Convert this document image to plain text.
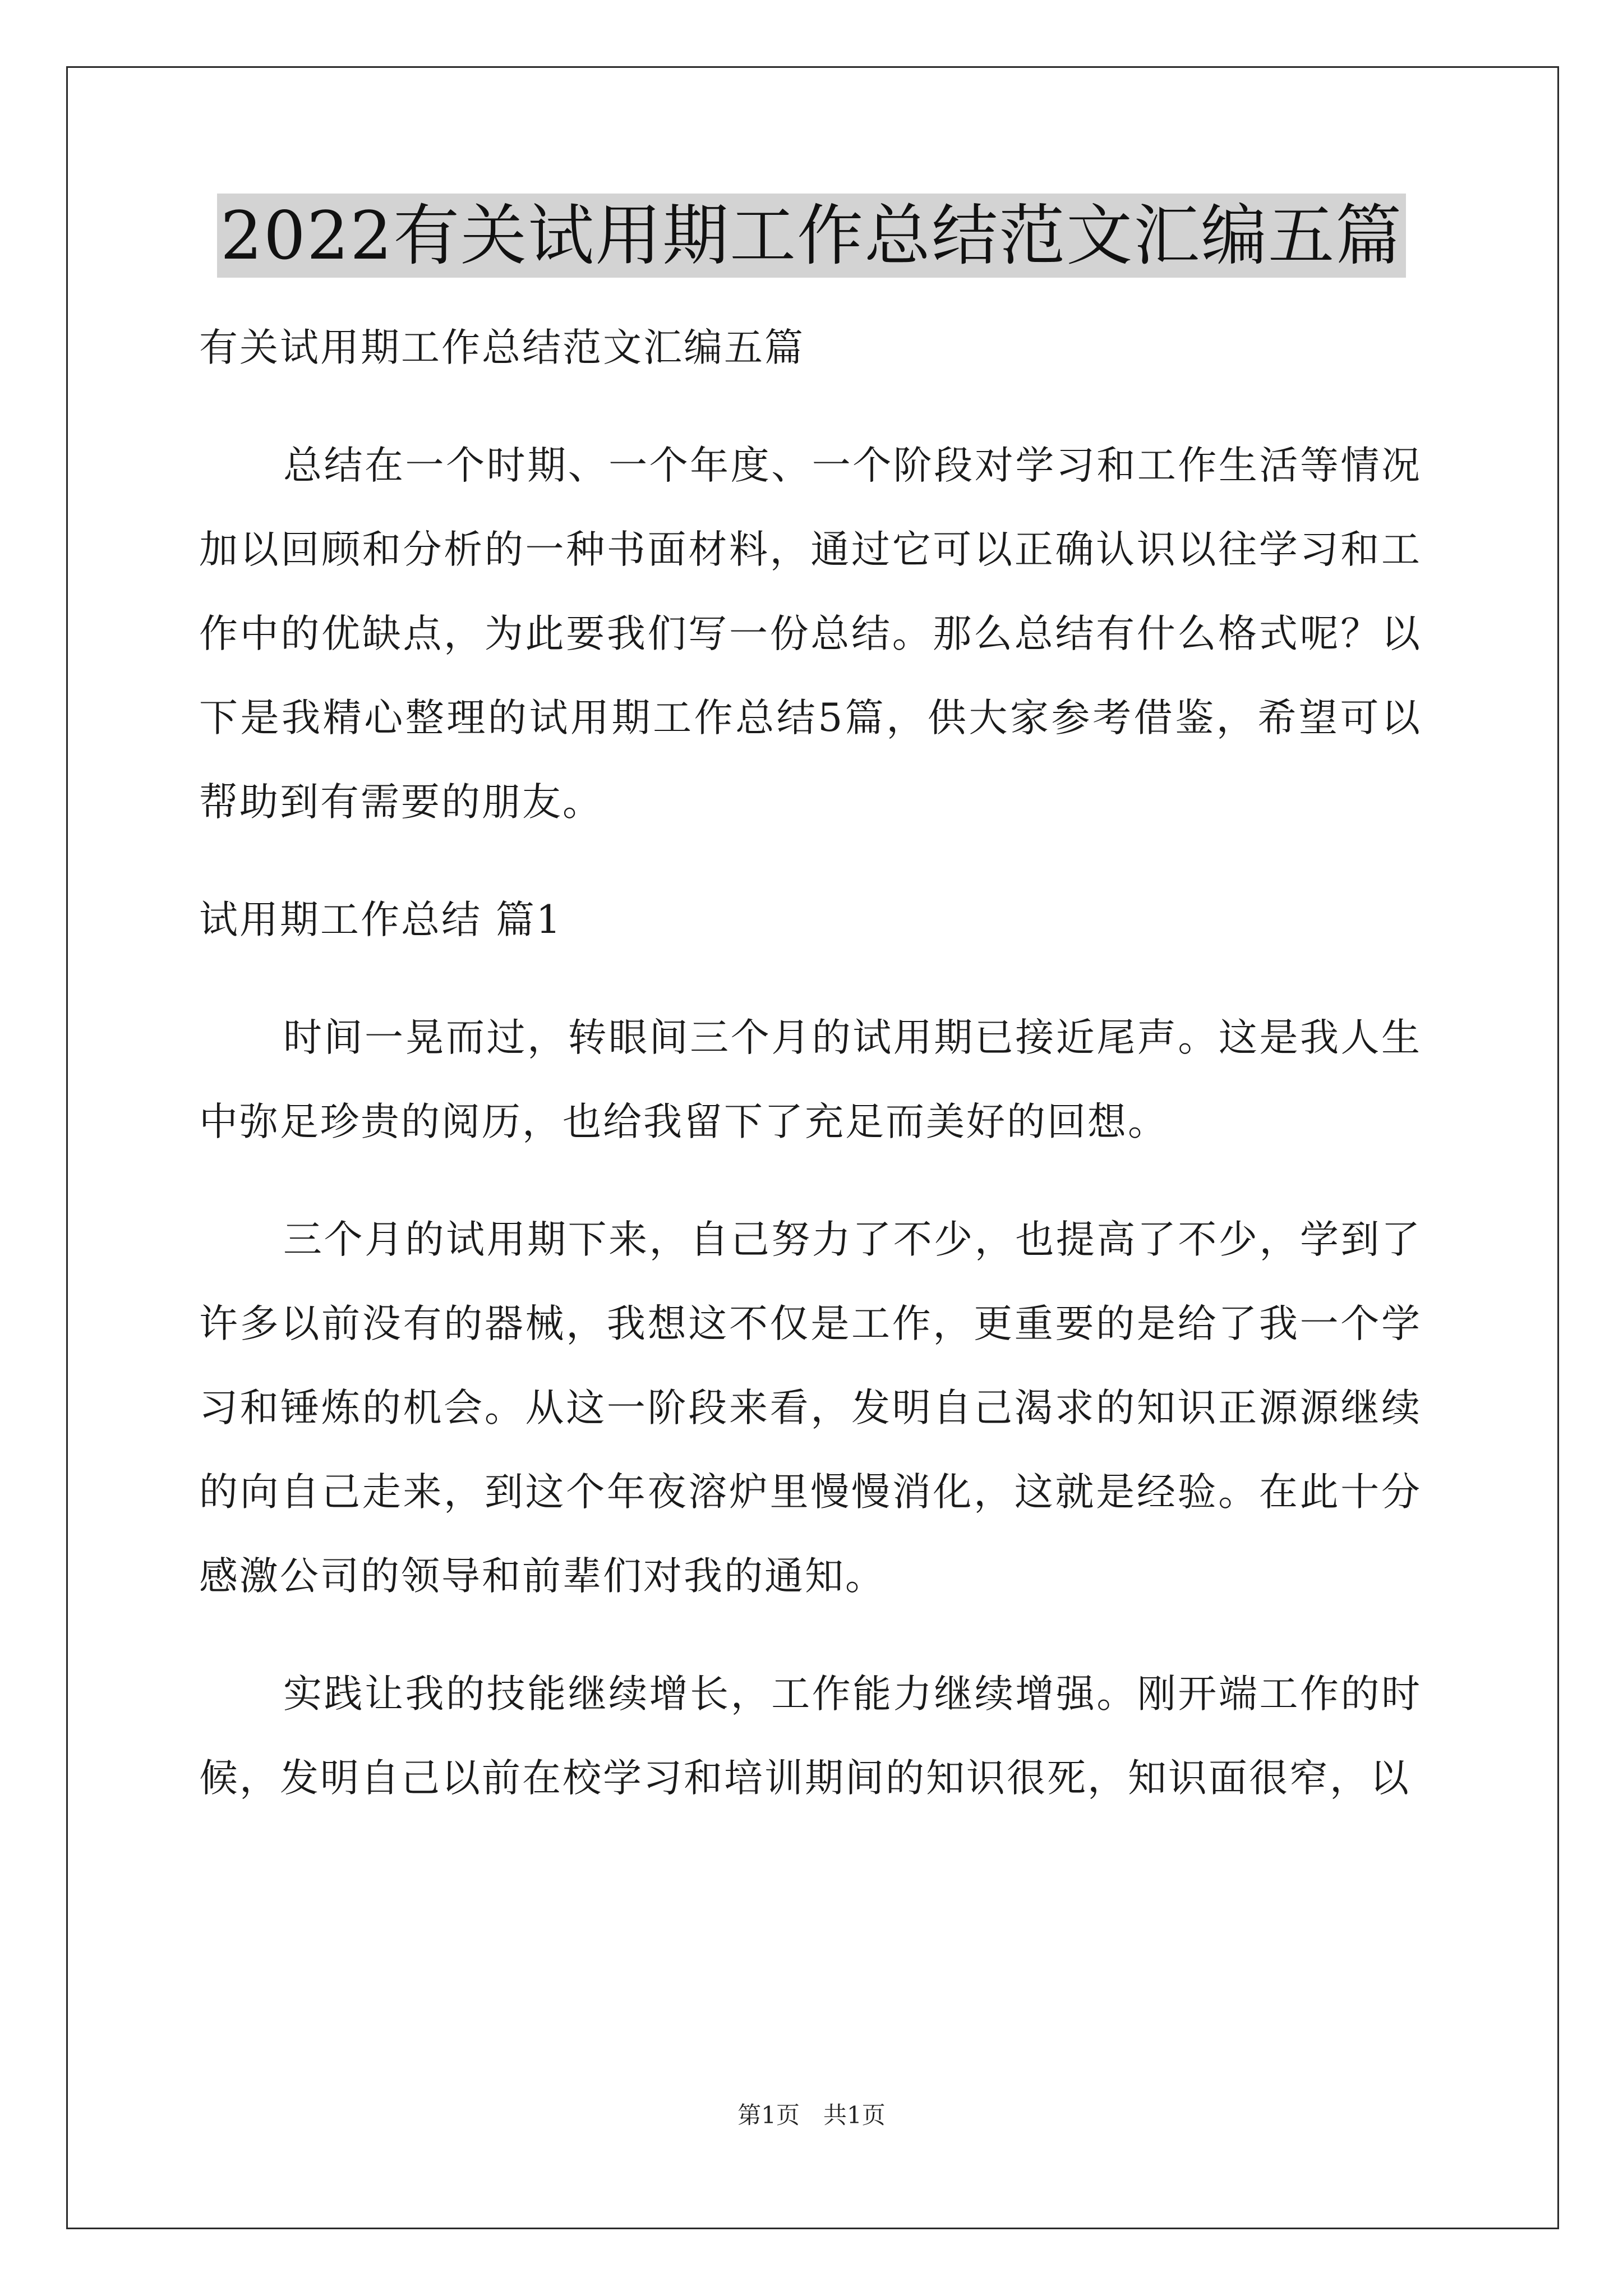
2022有关试用期工作总结范文汇编五篇

有关试用期工作总结范文汇编五篇

总结在一个时期、一个年度、一个阶段对学习和工作生活等情况加以回顾和分析的一种书面材料，通过它可以正确认识以往学习和工作中的优缺点，为此要我们写一份总结。那么总结有什么格式呢？以下是我精心整理的试用期工作总结5篇，供大家参考借鉴，希望可以帮助到有需要的朋友。

试用期工作总结 篇1

时间一晃而过，转眼间三个月的试用期已接近尾声。这是我人生中弥足珍贵的阅历，也给我留下了充足而美好的回想。

三个月的试用期下来，自己努力了不少，也提高了不少，学到了许多以前没有的器械，我想这不仅是工作，更重要的是给了我一个学习和锤炼的机会。从这一阶段来看，发明自己渴求的知识正源源继续的向自己走来，到这个年夜溶炉里慢慢消化，这就是经验。在此十分感激公司的领导和前辈们对我的通知。

实践让我的技能继续增长，工作能力继续增强。刚开端工作的时候，发明自己以前在校学习和培训期间的知识很死，知识面很窄，以

第1页　共1页
